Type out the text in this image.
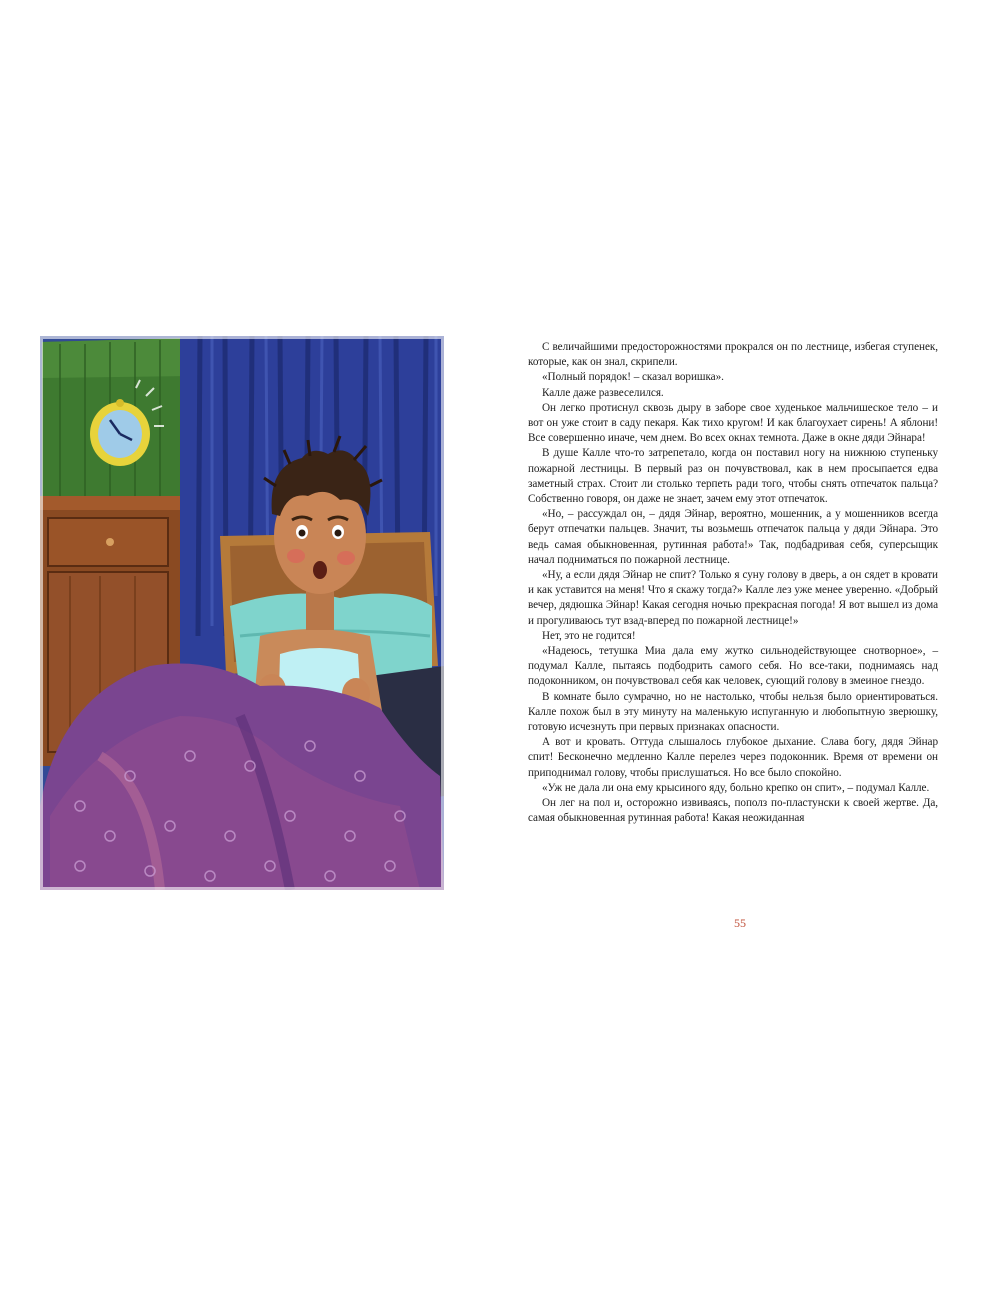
С величайшими предосторожностями прокрался он по лестнице, избегая ступенек, которые, как он знал, скрипели.

«Полный порядок! – сказал воришка».

Калле даже развеселился.

Он легко протиснул сквозь дыру в заборе свое худенькое мальчишеское тело – и вот он уже стоит в саду пекаря. Как тихо кругом! И как благоухает сирень! А яблони! Все совершенно иначе, чем днем. Во всех окнах темнота. Даже в окне дяди Эйнара!

В душе Калле что-то затрепетало, когда он поставил ногу на нижнюю ступеньку пожарной лестницы. В первый раз он почувствовал, как в нем просыпается едва заметный страх. Стоит ли столько терпеть ради того, чтобы снять отпечаток пальца? Собственно говоря, он даже не знает, зачем ему этот отпечаток.

«Но, – рассуждал он, – дядя Эйнар, вероятно, мошенник, а у мошенников всегда берут отпечатки пальцев. Значит, ты возьмешь отпечаток пальца у дяди Эйнара. Это ведь самая обыкновенная, рутинная работа!» Так, подбадривая себя, суперсыщик начал подниматься по пожарной лестнице.

«Ну, а если дядя Эйнар не спит? Только я суну голову в дверь, а он сядет в кровати и как уставится на меня! Что я скажу тогда?» Калле лез уже менее уверенно. «Добрый вечер, дядюшка Эйнар! Какая сегодня ночью прекрасная погода! Я вот вышел из дома и прогуливаюсь тут взад-вперед по пожарной лестнице!»

Нет, это не годится!

«Надеюсь, тетушка Миа дала ему жутко сильнодействующее снотворное», – подумал Калле, пытаясь подбодрить самого себя. Но все-таки, поднимаясь над подоконником, он почувствовал себя как человек, сующий голову в змеиное гнездо.

В комнате было сумрачно, но не настолько, чтобы нельзя было ориентироваться. Калле похож был в эту минуту на маленькую испуганную и любопытную зверюшку, готовую исчезнуть при первых признаках опасности.

А вот и кровать. Оттуда слышалось глубокое дыхание. Слава богу, дядя Эйнар спит! Бесконечно медленно Калле перелез через подоконник. Время от времени он приподнимал голову, чтобы прислушаться. Но все было спокойно.

«Уж не дала ли она ему крысиного яду, больно крепко он спит», – подумал Калле.

Он лег на пол и, осторожно извиваясь, пополз по-пластунски к своей жертве. Да, самая обыкновенная рутинная работа! Какая неожиданная

55
